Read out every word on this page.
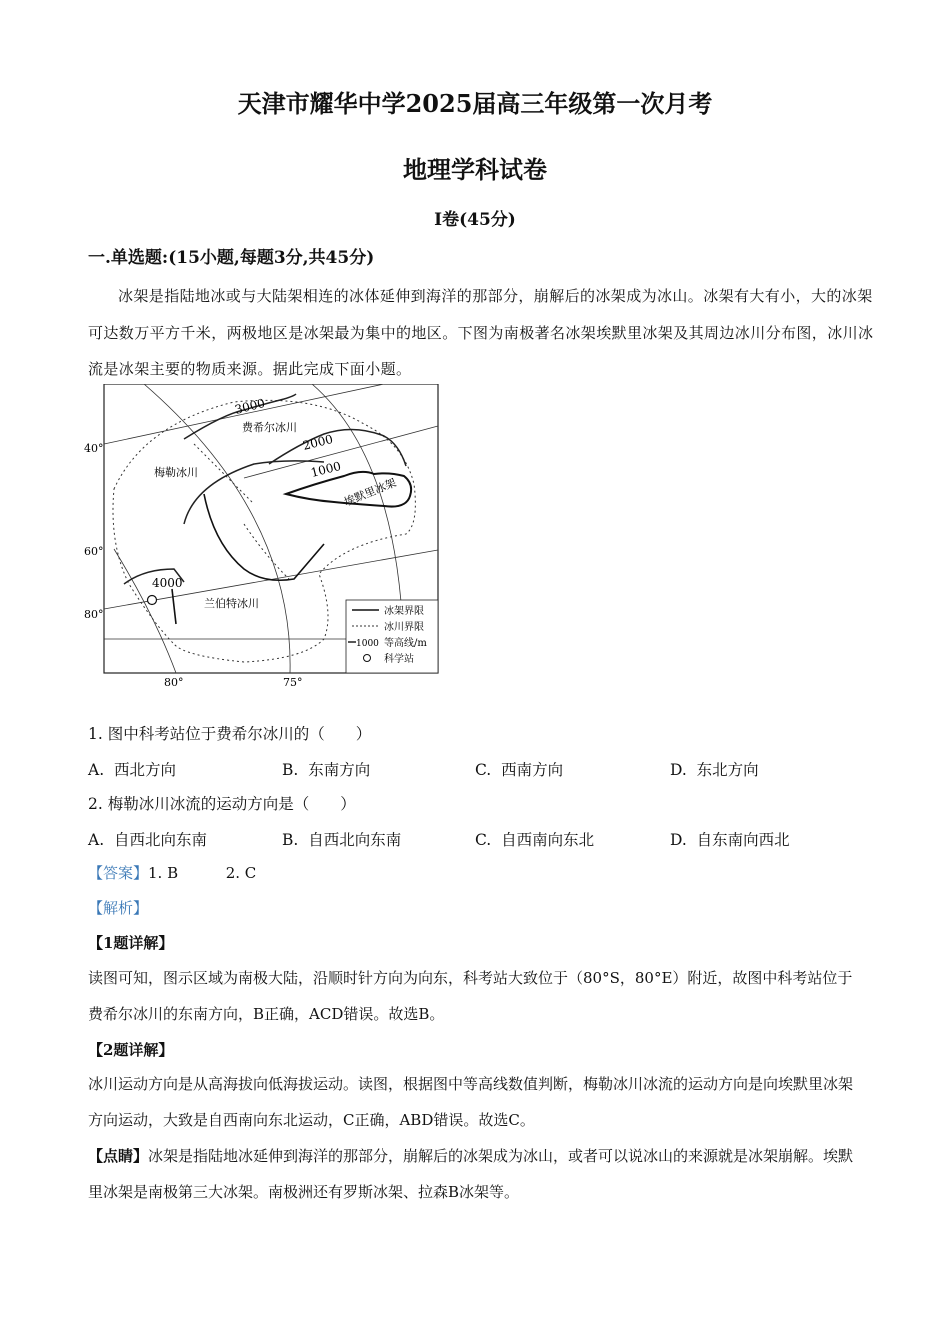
天津市耀华中学2025届高三年级第一次月考
地理学科试卷
Ⅰ卷(45分)
一.单选题:(15小题,每题3分,共45分)
冰架是指陆地冰或与大陆架相连的冰体延伸到海洋的那部分，崩解后的冰架成为冰山。冰架有大有小，大的冰架可达数万平方千米，两极地区是冰架最为集中的地区。下图为南极著名冰架埃默里冰架及其周边冰川分布图，冰川冰流是冰架主要的物质来源。据此完成下面小题。
40°
60°
80°
80°	75°
3000
2000
1000
4000
费希尔冰川
梅勒冰川
兰伯特冰川
埃默里冰架
冰架界限
冰川界限
1000 等高线/m
科学站
1. 图中科考站位于费希尔冰川的（　　）
A. 西北方向	B. 东南方向	C. 西南方向	D. 东北方向
2. 梅勒冰川冰流的运动方向是（　　）
A. 自西北向东南	B. 自西北向东南	C. 自西南向东北	D. 自东南向西北
【答案】1. B	2. C
【解析】
【1题详解】
读图可知，图示区域为南极大陆，沿顺时针方向为向东，科考站大致位于（80°S，80°E）附近，故图中科考站位于费希尔冰川的东南方向，B正确，ACD错误。故选B。
【2题详解】
冰川运动方向是从高海拔向低海拔运动。读图，根据图中等高线数值判断，梅勒冰川冰流的运动方向是向埃默里冰架方向运动，大致是自西南向东北运动，C正确，ABD错误。故选C。
【点睛】冰架是指陆地冰延伸到海洋的那部分，崩解后的冰架成为冰山，或者可以说冰山的来源就是冰架崩解。埃默里冰架是南极第三大冰架。南极洲还有罗斯冰架、拉森B冰架等。
